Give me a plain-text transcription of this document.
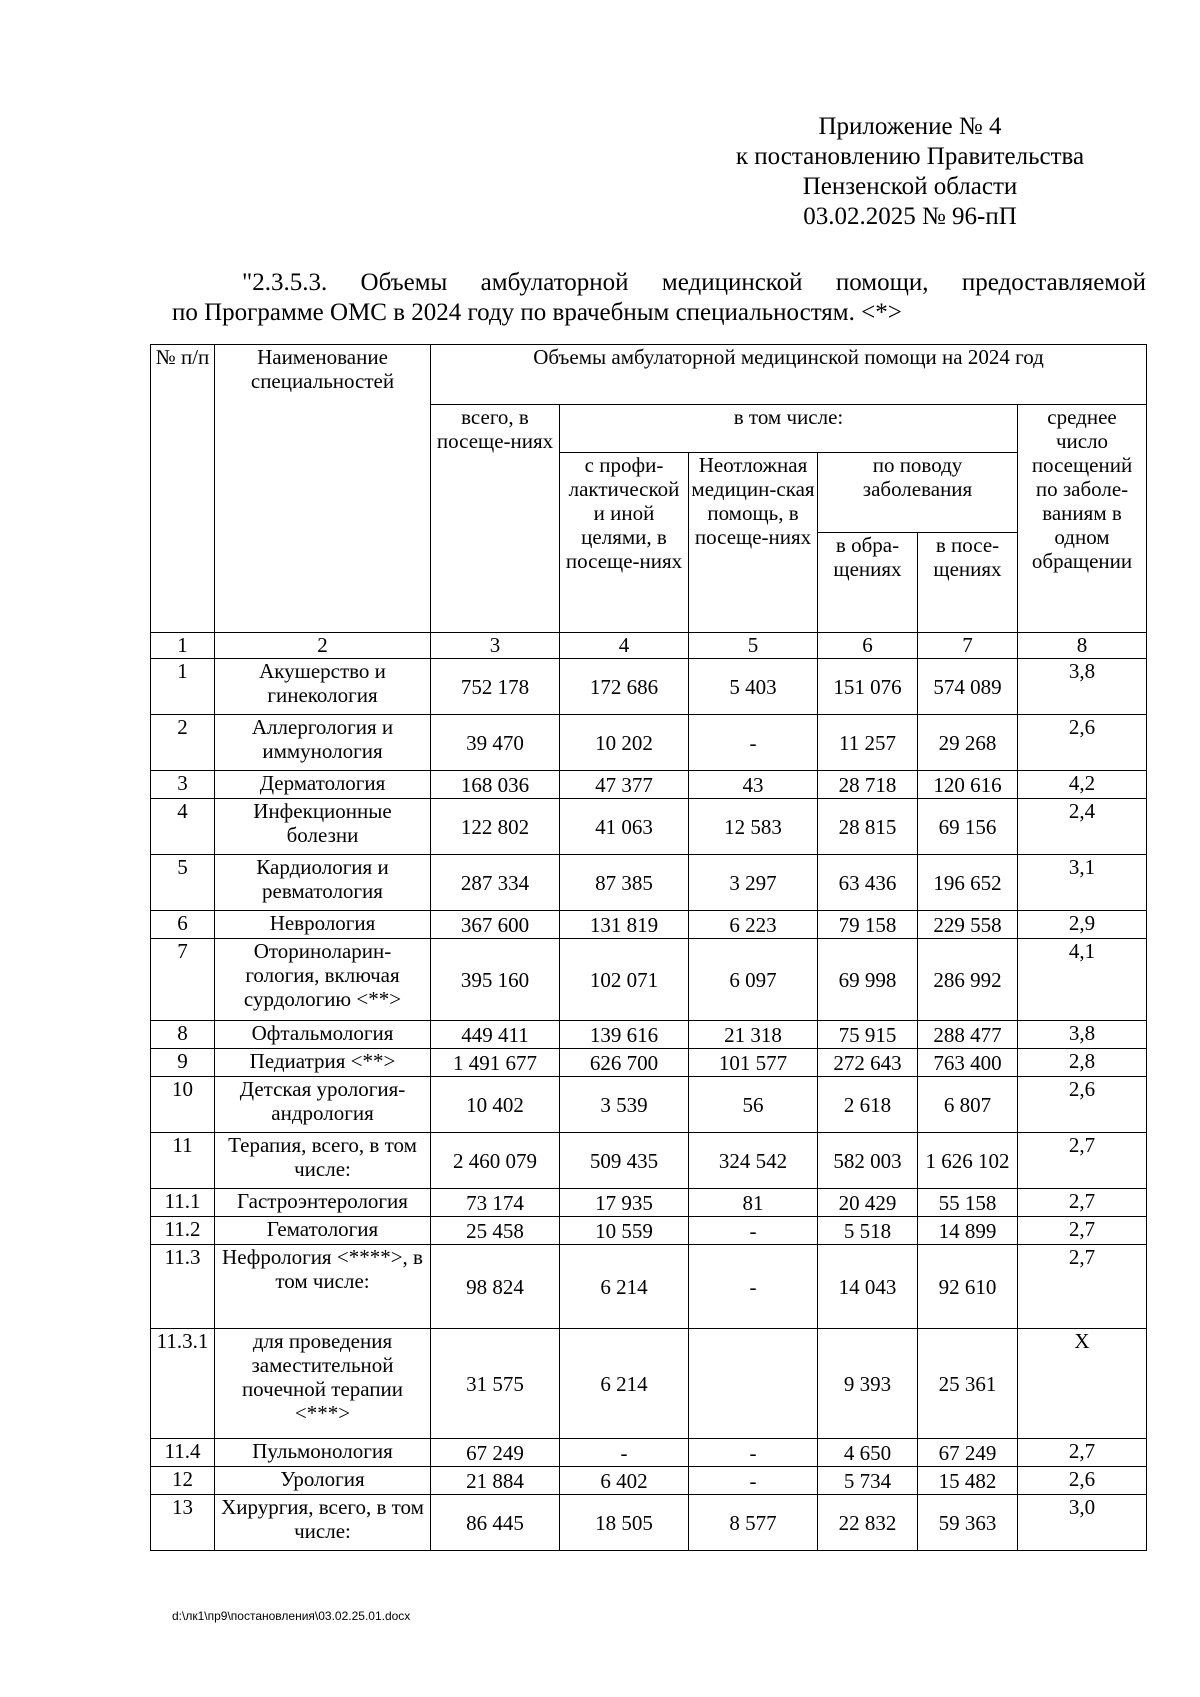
Приложение № 4
к постановлению Правительства
Пензенской области
03.02.2025 № 96-пП
"2.3.5.3. Объемы амбулаторной медицинской помощи, предоставляемой
по Программе ОМС в 2024 году по врачебным специальностям. <*>
№ п/п	Наименование специальностей	Объемы амбулаторной медицинской помощи на 2024 год					
		всего, в посеще-ниях	в том числе:				среднее число посещений по заболе-ваниям в одном обращении
			с профи-лактической и иной целями, в посеще-ниях	Неотложная медицин-ская помощь, в посеще-ниях	по поводу заболевания		
					в обра-щениях	в посе-щениях	
1	2	3	4	5	6	7	8
1	Акушерство и гинекология	752 178	172 686	5 403	151 076	574 089	3,8
2	Аллергология и иммунология	39 470	10 202	-	11 257	29 268	2,6
3	Дерматология	168 036	47 377	43	28 718	120 616	4,2
4	Инфекционные болезни	122 802	41 063	12 583	28 815	69 156	2,4
5	Кардиология и ревматология	287 334	87 385	3 297	63 436	196 652	3,1
6	Неврология	367 600	131 819	6 223	79 158	229 558	2,9
7	Оториноларин-гология, включая сурдологию <**>	395 160	102 071	6 097	69 998	286 992	4,1
8	Офтальмология	449 411	139 616	21 318	75 915	288 477	3,8
9	Педиатрия <**>	1 491 677	626 700	101 577	272 643	763 400	2,8
10	Детская урология-андрология	10 402	3 539	56	2 618	6 807	2,6
11	Терапия, всего, в том числе:	2 460 079	509 435	324 542	582 003	1 626 102	2,7
11.1	Гастроэнтерология	73 174	17 935	81	20 429	55 158	2,7
11.2	Гематология	25 458	10 559	-	5 518	14 899	2,7
11.3	Нефрология <****>, в том числе:	98 824	6 214	-	14 043	92 610	2,7
11.3.1	для проведения заместительной почечной терапии <***>	31 575	6 214		9 393	25 361	X
11.4	Пульмонология	67 249	-	-	4 650	67 249	2,7
12	Урология	21 884	6 402	-	5 734	15 482	2,6
13	Хирургия, всего, в том числе:	86 445	18 505	8 577	22 832	59 363	3,0
d:\лк1\пр9\постановления\03.02.25.01.docx
